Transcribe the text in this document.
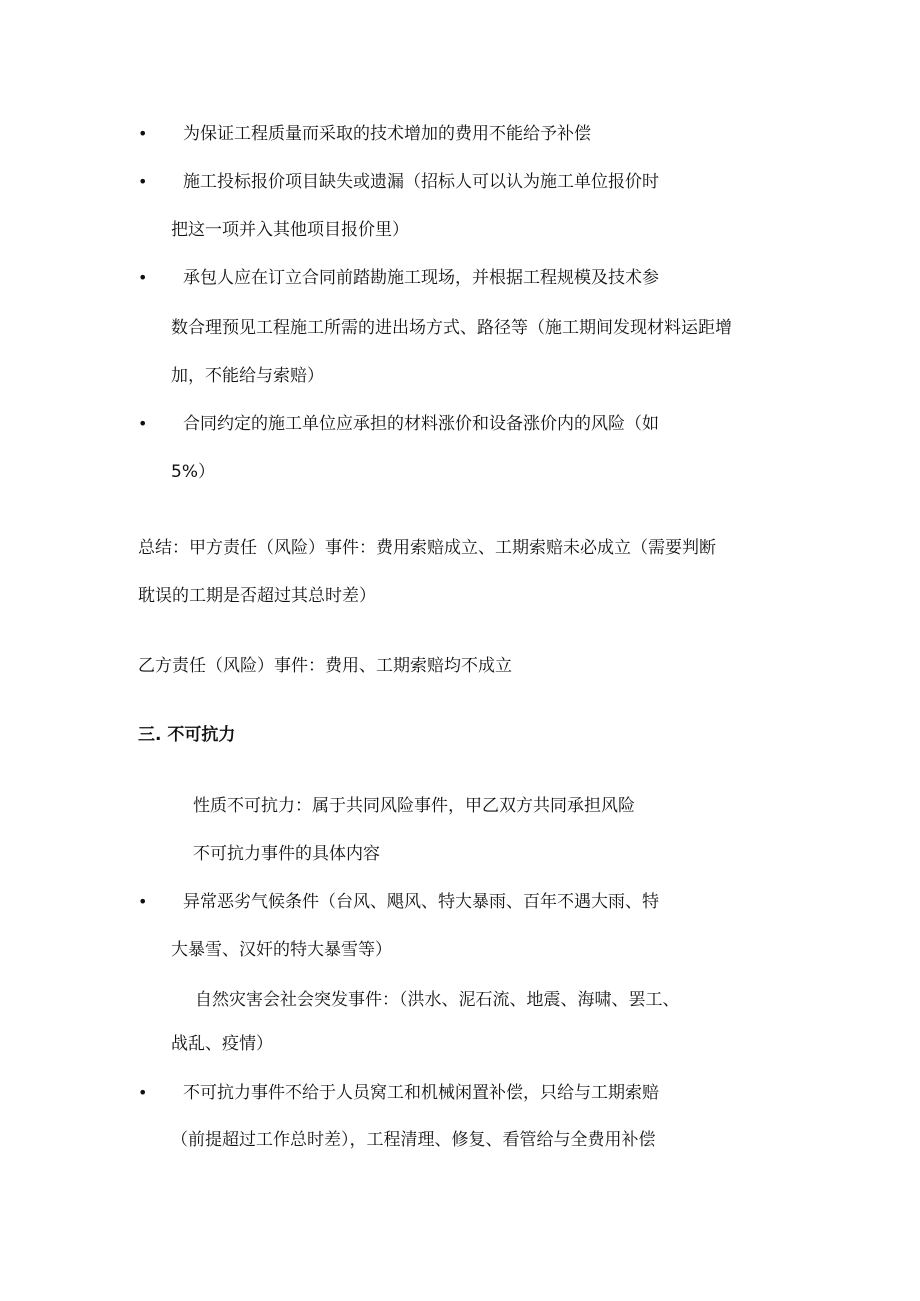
• 为保证工程质量而采取的技术增加的费用不能给予补偿
• 施工投标报价项目缺失或遗漏（招标人可以认为施工单位报价时
把这一项并入其他项目报价里）
• 承包人应在订立合同前踏勘施工现场，并根据工程规模及技术参
数合理预见工程施工所需的进出场方式、路径等（施工期间发现材料运距增
加，不能给与索赔）
• 合同约定的施工单位应承担的材料涨价和设备涨价内的风险（如
5%）
总结：甲方责任（风险）事件：费用索赔成立、工期索赔未必成立（需要判断
耽误的工期是否超过其总时差）
乙方责任（风险）事件：费用、工期索赔均不成立
三. 不可抗力
性质不可抗力：属于共同风险事件，甲乙双方共同承担风险
不可抗力事件的具体内容
• 异常恶劣气候条件（台风、飓风、特大暴雨、百年不遇大雨、特
大暴雪、汉奸的特大暴雪等）
自然灾害会社会突发事件：（洪水、泥石流、地震、海啸、罢工、
战乱、疫情）
• 不可抗力事件不给于人员窝工和机械闲置补偿，只给与工期索赔
（前提超过工作总时差），工程清理、修复、看管给与全费用补偿
